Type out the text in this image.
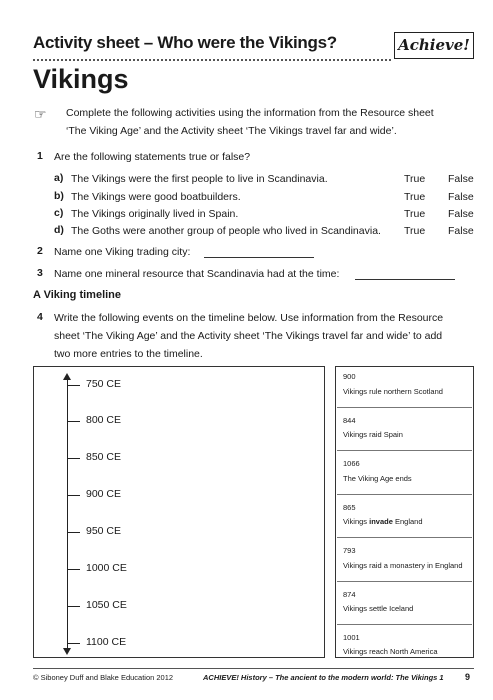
Activity sheet – Who were the Vikings?	Achieve!
Vikings
☞ Complete the following activities using the information from the Resource sheet
‘The Viking Age’ and the Activity sheet ‘The Vikings travel far and wide’.
1 Are the following statements true or false?
a) The Vikings were the first people to live in Scandinavia.	True False
b) The Vikings were good boatbuilders.	True False
c) The Vikings originally lived in Spain.	True False
d) The Goths were another group of people who lived in Scandinavia. True False
2 Name one Viking trading city:
3 Name one mineral resource that Scandinavia had at the time:
A Viking timeline
4 Write the following events on the timeline below. Use information from the Resource
sheet ‘The Viking Age’ and the Activity sheet ‘The Vikings travel far and wide’ to add
two more entries to the timeline.
750 CE
800 CE
850 CE
900 CE
950 CE
1000 CE
1050 CE
1100 CE
900
Vikings rule northern Scotland
844
Vikings raid Spain
1066
The Viking Age ends
865
Vikings invade England
793
Vikings raid a monastery in England
874
Vikings settle Iceland
1001
Vikings reach North America
© Siboney Duff and Blake Education 2012	ACHIEVE! History – The ancient to the modern world: The Vikings 1 9
